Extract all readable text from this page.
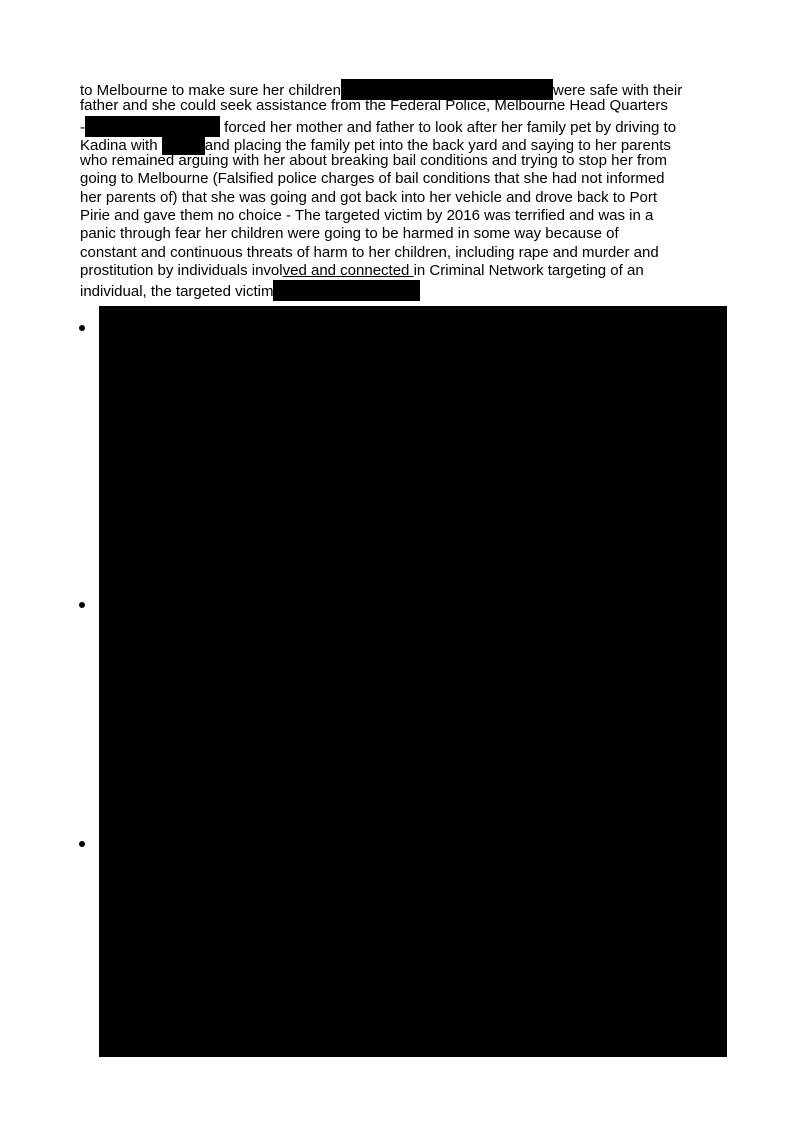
to Melbourne to make sure her children	were safe with their
father and she could seek assistance from the Federal Police, Melbourne Head Quarters
-	forced her mother and father to look after her family pet by driving to
Kadina with	and placing the family pet into the back yard and saying to her parents
who remained arguing with her about breaking bail conditions and trying to stop her from
going to Melbourne (Falsified police charges of bail conditions that she had not informed
her parents of) that she was going and got back into her vehicle and drove back to Port
Pirie and gave them no choice - The targeted victim by 2016 was terrified and was in a
panic through fear her children were going to be harmed in some way because of
constant and continuous threats of harm to her children, including rape and murder and
prostitution by individuals involved and connected in Criminal Network targeting of an
individual, the targeted victim
